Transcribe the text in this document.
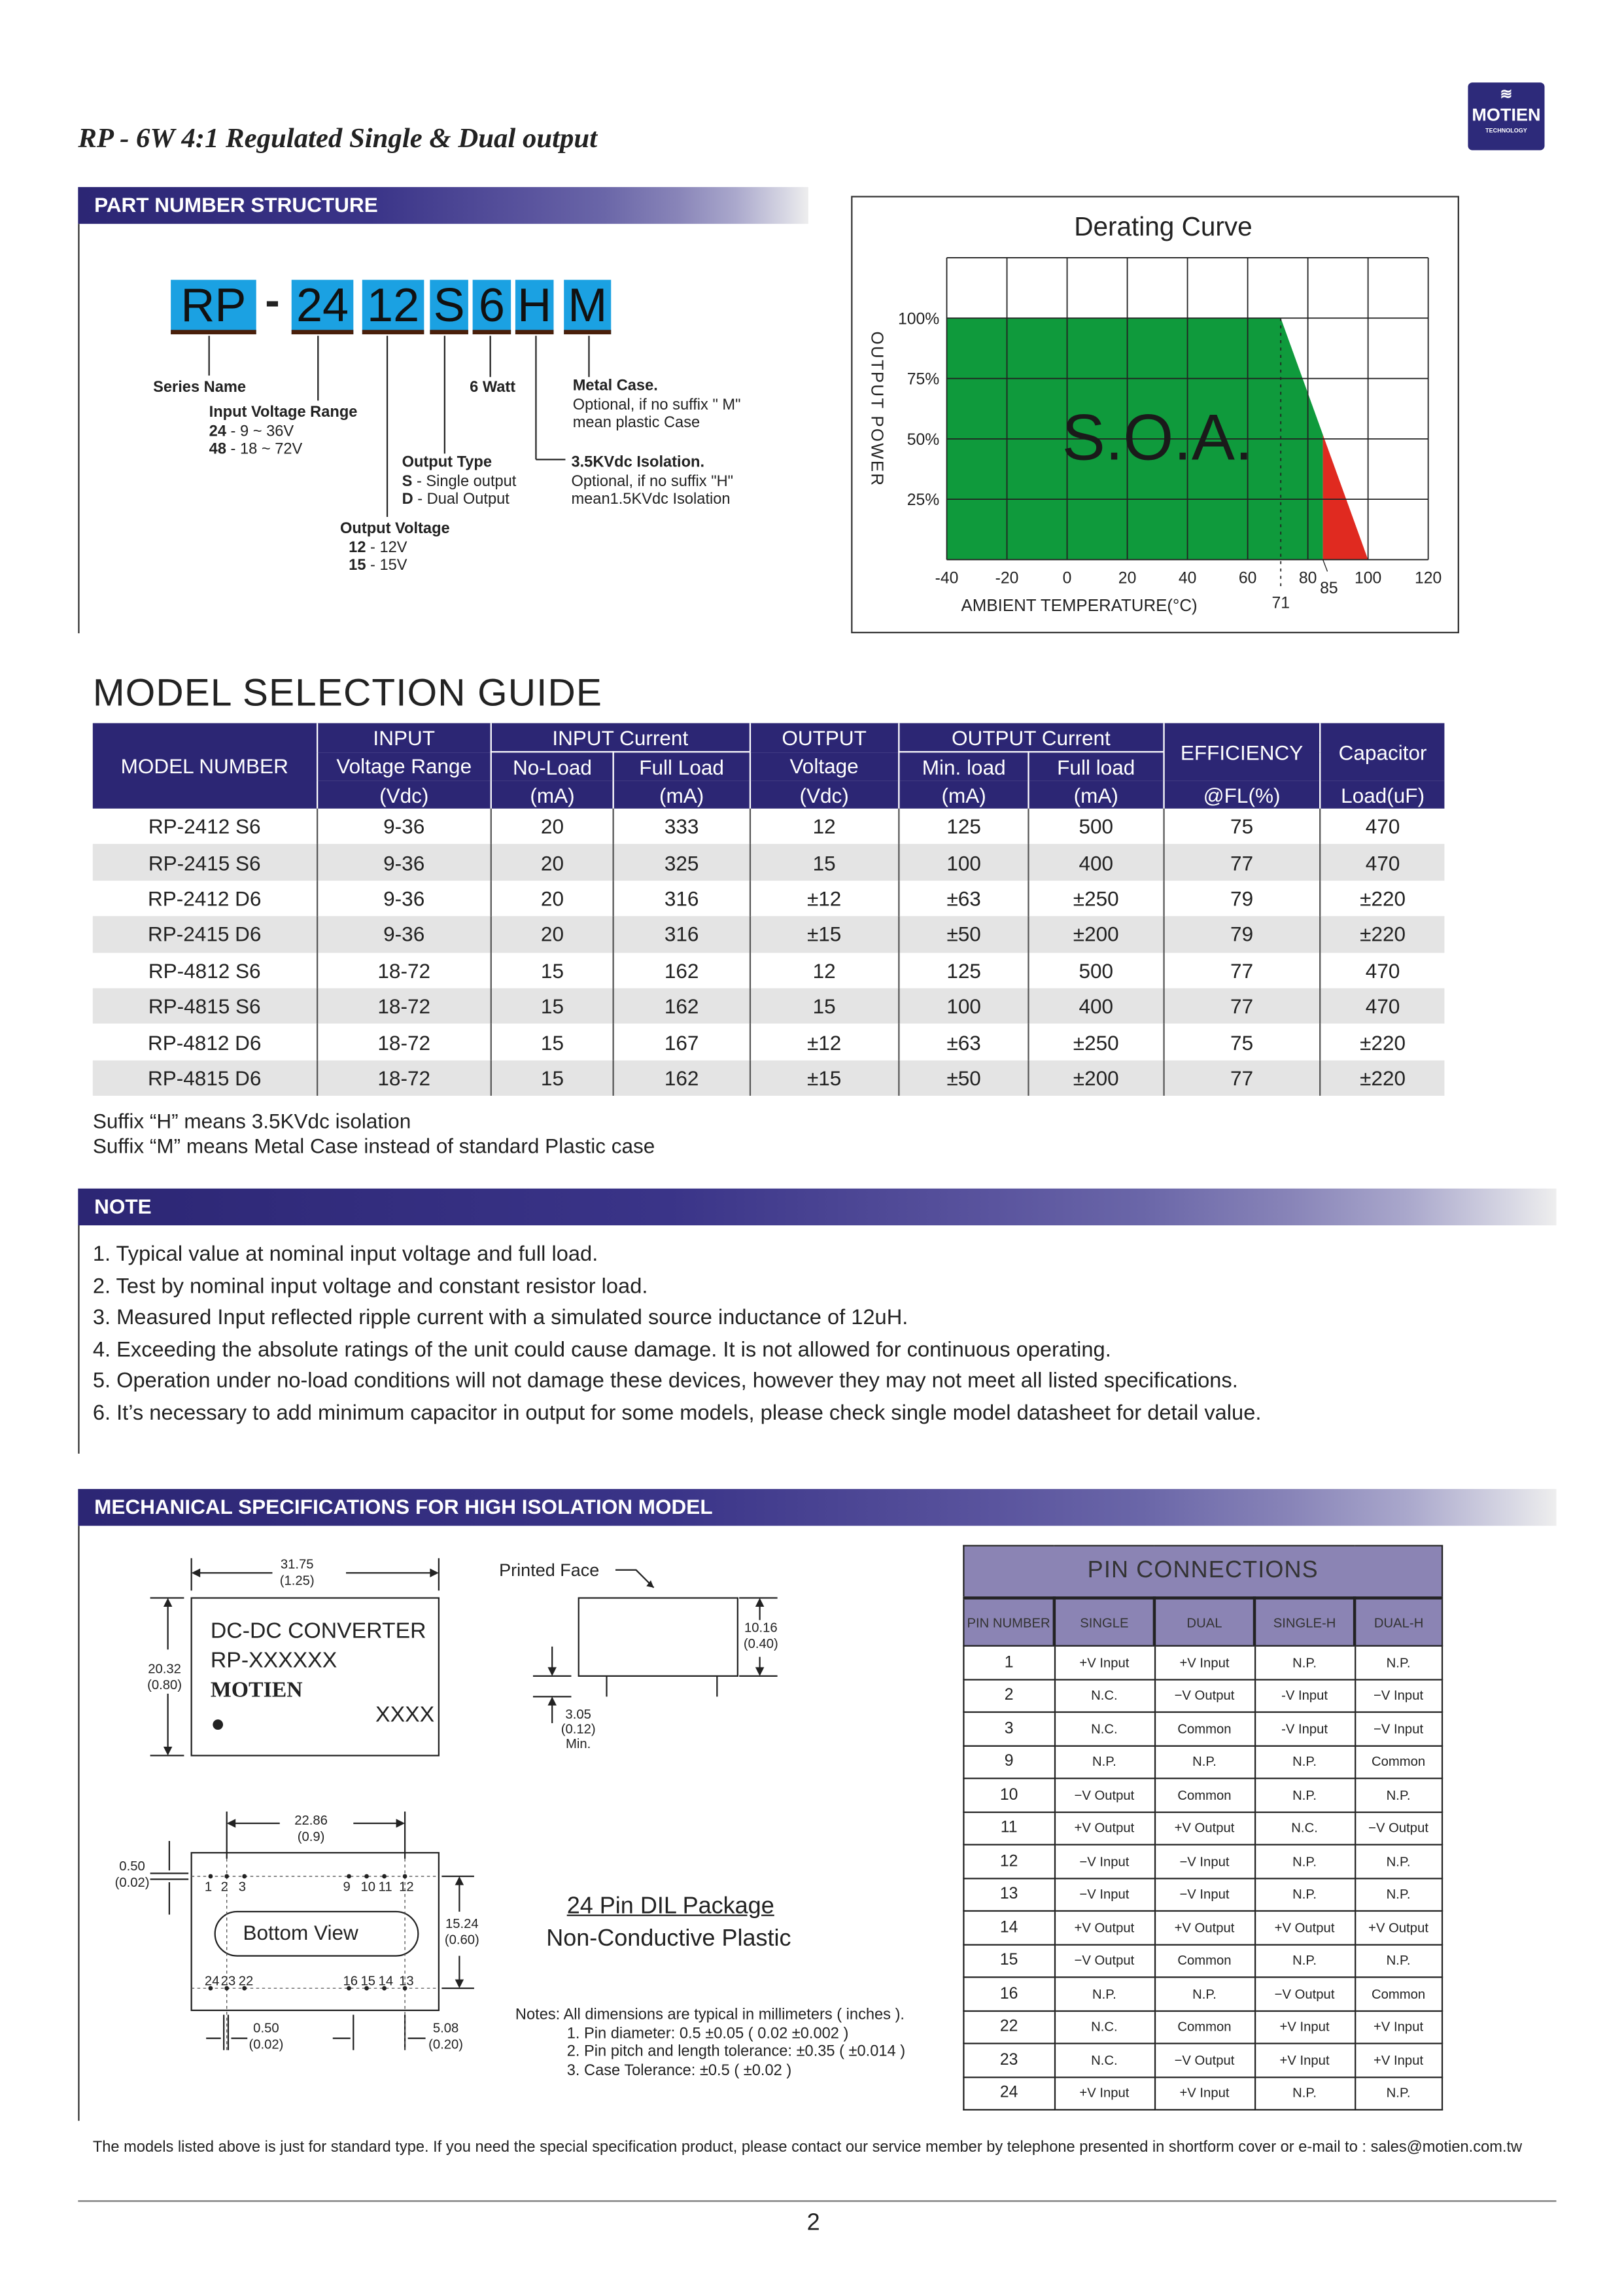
RP - 6W 4:1 Regulated Single & Dual output
≋
MOTIEN
TECHNOLOGY
PART NUMBER STRUCTURE
RP - 24 12 S 6 H M
Series Name
Input Voltage Range
24 - 9 ~ 36V
48 - 18 ~ 72V
6 Watt	Metal Case.
Optional, if no suffix " M"
mean plastic Case
Output Type
S - Single output
D - Dual Output
3.5KVdc Isolation.
Optional, if no suffix "H"
mean1.5KVdc Isolation
Output Voltage
12 - 12V
15 - 15V
Derating Curve
-40	-20	0	20	40	60	80	100	120
100%
75%
50%
25%
71
85
S.O.A.
AMBIENT TEMPERATURE(°C)
OUTPUT POWER
MODEL SELECTION GUIDE
MODEL NUMBER	INPUT	INPUT Current		OUTPUT	OUTPUT Current		EFFICIENCY	Capacitor
	Voltage Range	No-Load	Full Load	Voltage	Min. load	Full load		
	(Vdc)	(mA)	(mA)	(Vdc)	(mA)	(mA)	@FL(%)	Load(uF)
RP-2412 S6	9-36	20	333	12	125	500	75	470
RP-2415 S6	9-36	20	325	15	100	400	77	470
RP-2412 D6	9-36	20	316	±12	±63	±250	79	±220
RP-2415 D6	9-36	20	316	±15	±50	±200	79	±220
RP-4812 S6	18-72	15	162	12	125	500	77	470
RP-4815 S6	18-72	15	162	15	100	400	77	470
RP-4812 D6	18-72	15	167	±12	±63	±250	75	±220
RP-4815 D6	18-72	15	162	±15	±50	±200	77	±220
Suffix “H” means 3.5KVdc isolation
Suffix “M” means Metal Case instead of standard Plastic case
NOTE
1. Typical value at nominal input voltage and full load.
2. Test by nominal input voltage and constant resistor load.
3. Measured Input reflected ripple current with a simulated source inductance of 12uH.
4. Exceeding the absolute ratings of the unit could cause damage. It is not allowed for continuous operating.
5. Operation under no-load conditions will not damage these devices, however they may not meet all listed specifications.
6. It’s necessary to add minimum capacitor in output for some models, please check single model datasheet for detail value.
MECHANICAL SPECIFICATIONS FOR HIGH ISOLATION MODEL
31.75
(1.25)
20.32
(0.80)
DC-DC CONVERTER
RP-XXXXXX
MOTIEN
XXXX
Printed Face
10.16
(0.40)
3.05
(0.12)
Min.
22.86
(0.9)
0.50
(0.02)
15.24
(0.60)
0.50
(0.02)
5.08
(0.20)
Bottom View
1 2 3	9 10 11 12
24 23 22	16 15 14 13
24 Pin DIL Package
Non-Conductive Plastic
Notes: All dimensions are typical in millimeters ( inches ).
1. Pin diameter: 0.5 ±0.05 ( 0.02 ±0.002 )
2. Pin pitch and length tolerance: ±0.35 ( ±0.014 )
3. Case Tolerance: ±0.5 ( ±0.02 )
PIN CONNECTIONS				
PIN NUMBER	SINGLE	DUAL	SINGLE-H	DUAL-H
1	+V Input	+V Input	N.P.	N.P.
2	N.C.	−V Output	-V Input	−V Input
3	N.C.	Common	-V Input	−V Input
9	N.P.	N.P.	N.P.	Common
10	−V Output	Common	N.P.	N.P.
11	+V Output	+V Output	N.C.	−V Output
12	−V Input	−V Input	N.P.	N.P.
13	−V Input	−V Input	N.P.	N.P.
14	+V Output	+V Output	+V Output	+V Output
15	−V Output	Common	N.P.	N.P.
16	N.P.	N.P.	−V Output	Common
22	N.C.	Common	+V Input	+V Input
23	N.C.	−V Output	+V Input	+V Input
24	+V Input	+V Input	N.P.	N.P.
The models listed above is just for standard type. If you need the special specification product, please contact our service member by telephone presented in shortform cover or e-mail to : sales@motien.com.tw
2
